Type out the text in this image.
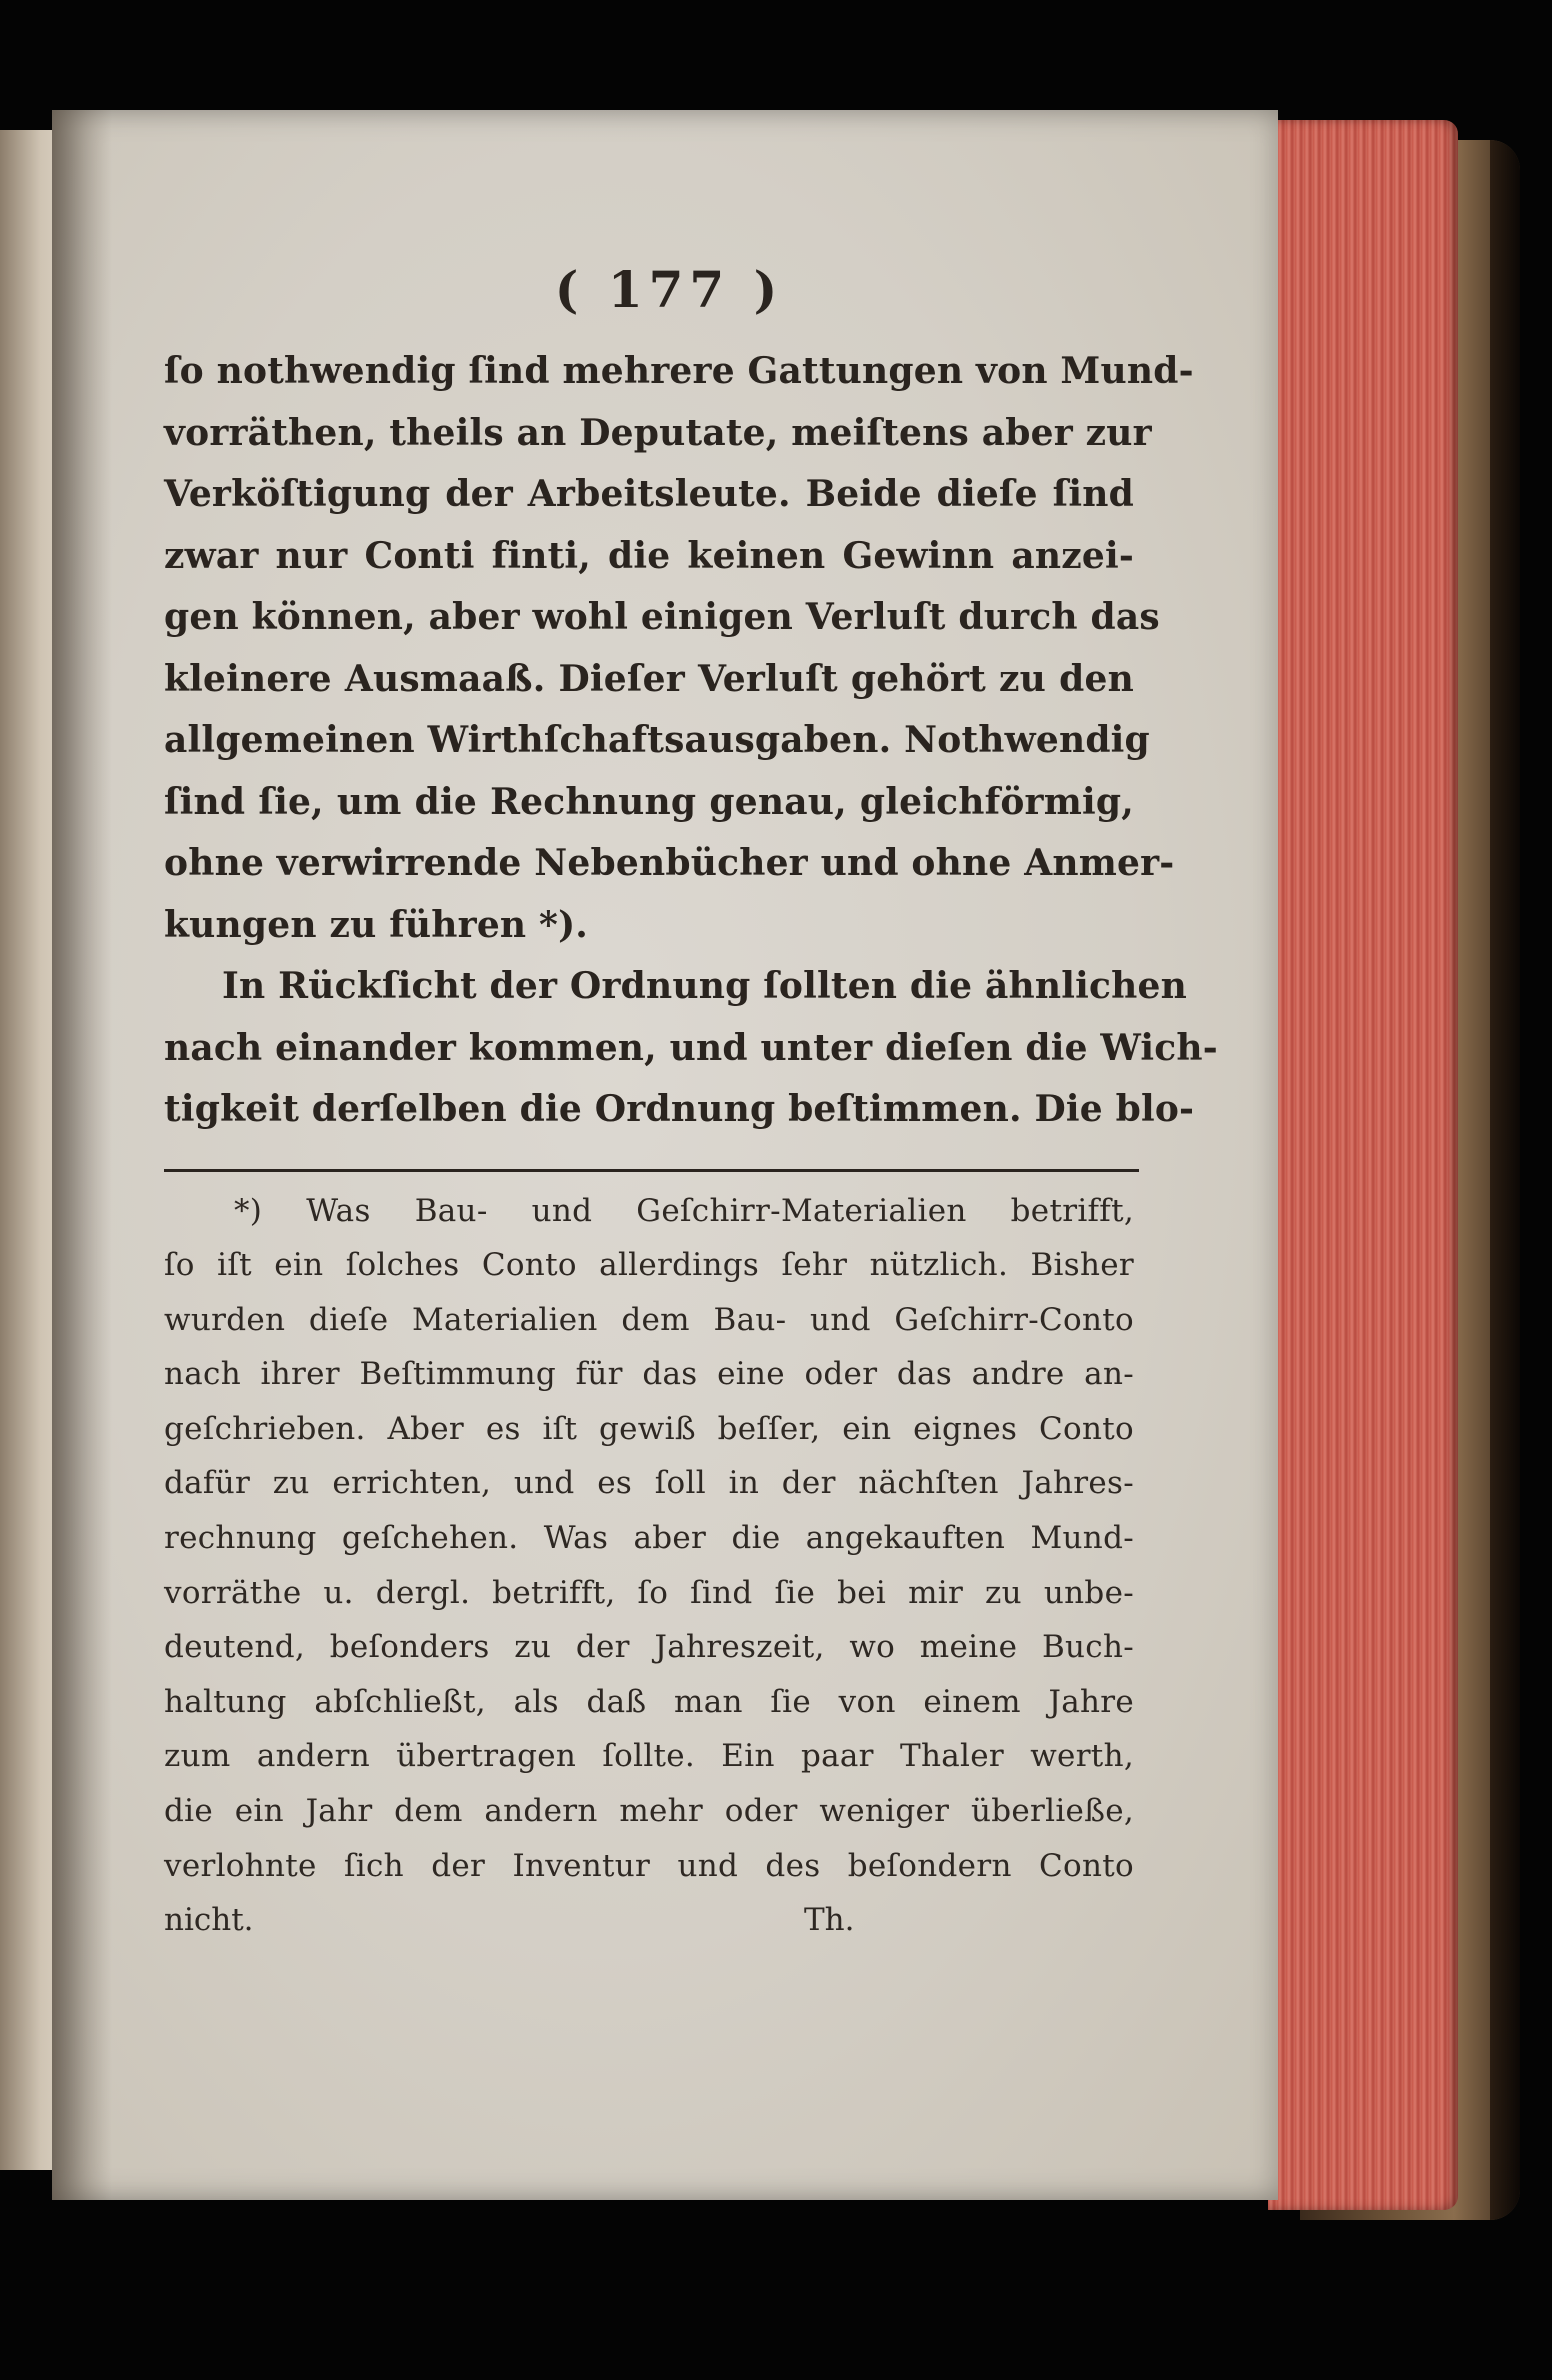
( 177 )
ſo nothwendig ſind mehrere Gattungen von Mund-
vorräthen, theils an Deputate, meiſtens aber zur
Verköſtigung der Arbeitsleute. Beide dieſe ſind
zwar nur Conti finti, die keinen Gewinn anzei-
gen können, aber wohl einigen Verluſt durch das
kleinere Ausmaaß. Dieſer Verluſt gehört zu den
allgemeinen Wirthſchaftsausgaben. Nothwendig
ſind ſie, um die Rechnung genau, gleichförmig,
ohne verwirrende Nebenbücher und ohne Anmer-
kungen zu führen *).
In Rückſicht der Ordnung ſollten die ähnlichen
nach einander kommen, und unter dieſen die Wich-
tigkeit derſelben die Ordnung beſtimmen. Die blo-
*) Was Bau- und Geſchirr-Materialien betrifft,
ſo iſt ein ſolches Conto allerdings ſehr nützlich. Bisher
wurden dieſe Materialien dem Bau- und Geſchirr-Conto
nach ihrer Beſtimmung für das eine oder das andre an-
geſchrieben. Aber es iſt gewiß beſſer, ein eignes Conto
dafür zu errichten, und es ſoll in der nächſten Jahres-
rechnung geſchehen. Was aber die angekauften Mund-
vorräthe u. dergl. betrifft, ſo ſind ſie bei mir zu unbe-
deutend, beſonders zu der Jahreszeit, wo meine Buch-
haltung abſchließt, als daß man ſie von einem Jahre
zum andern übertragen ſollte. Ein paar Thaler werth,
die ein Jahr dem andern mehr oder weniger überließe,
verlohnte ſich der Inventur und des beſondern Conto
nicht.	Th.
